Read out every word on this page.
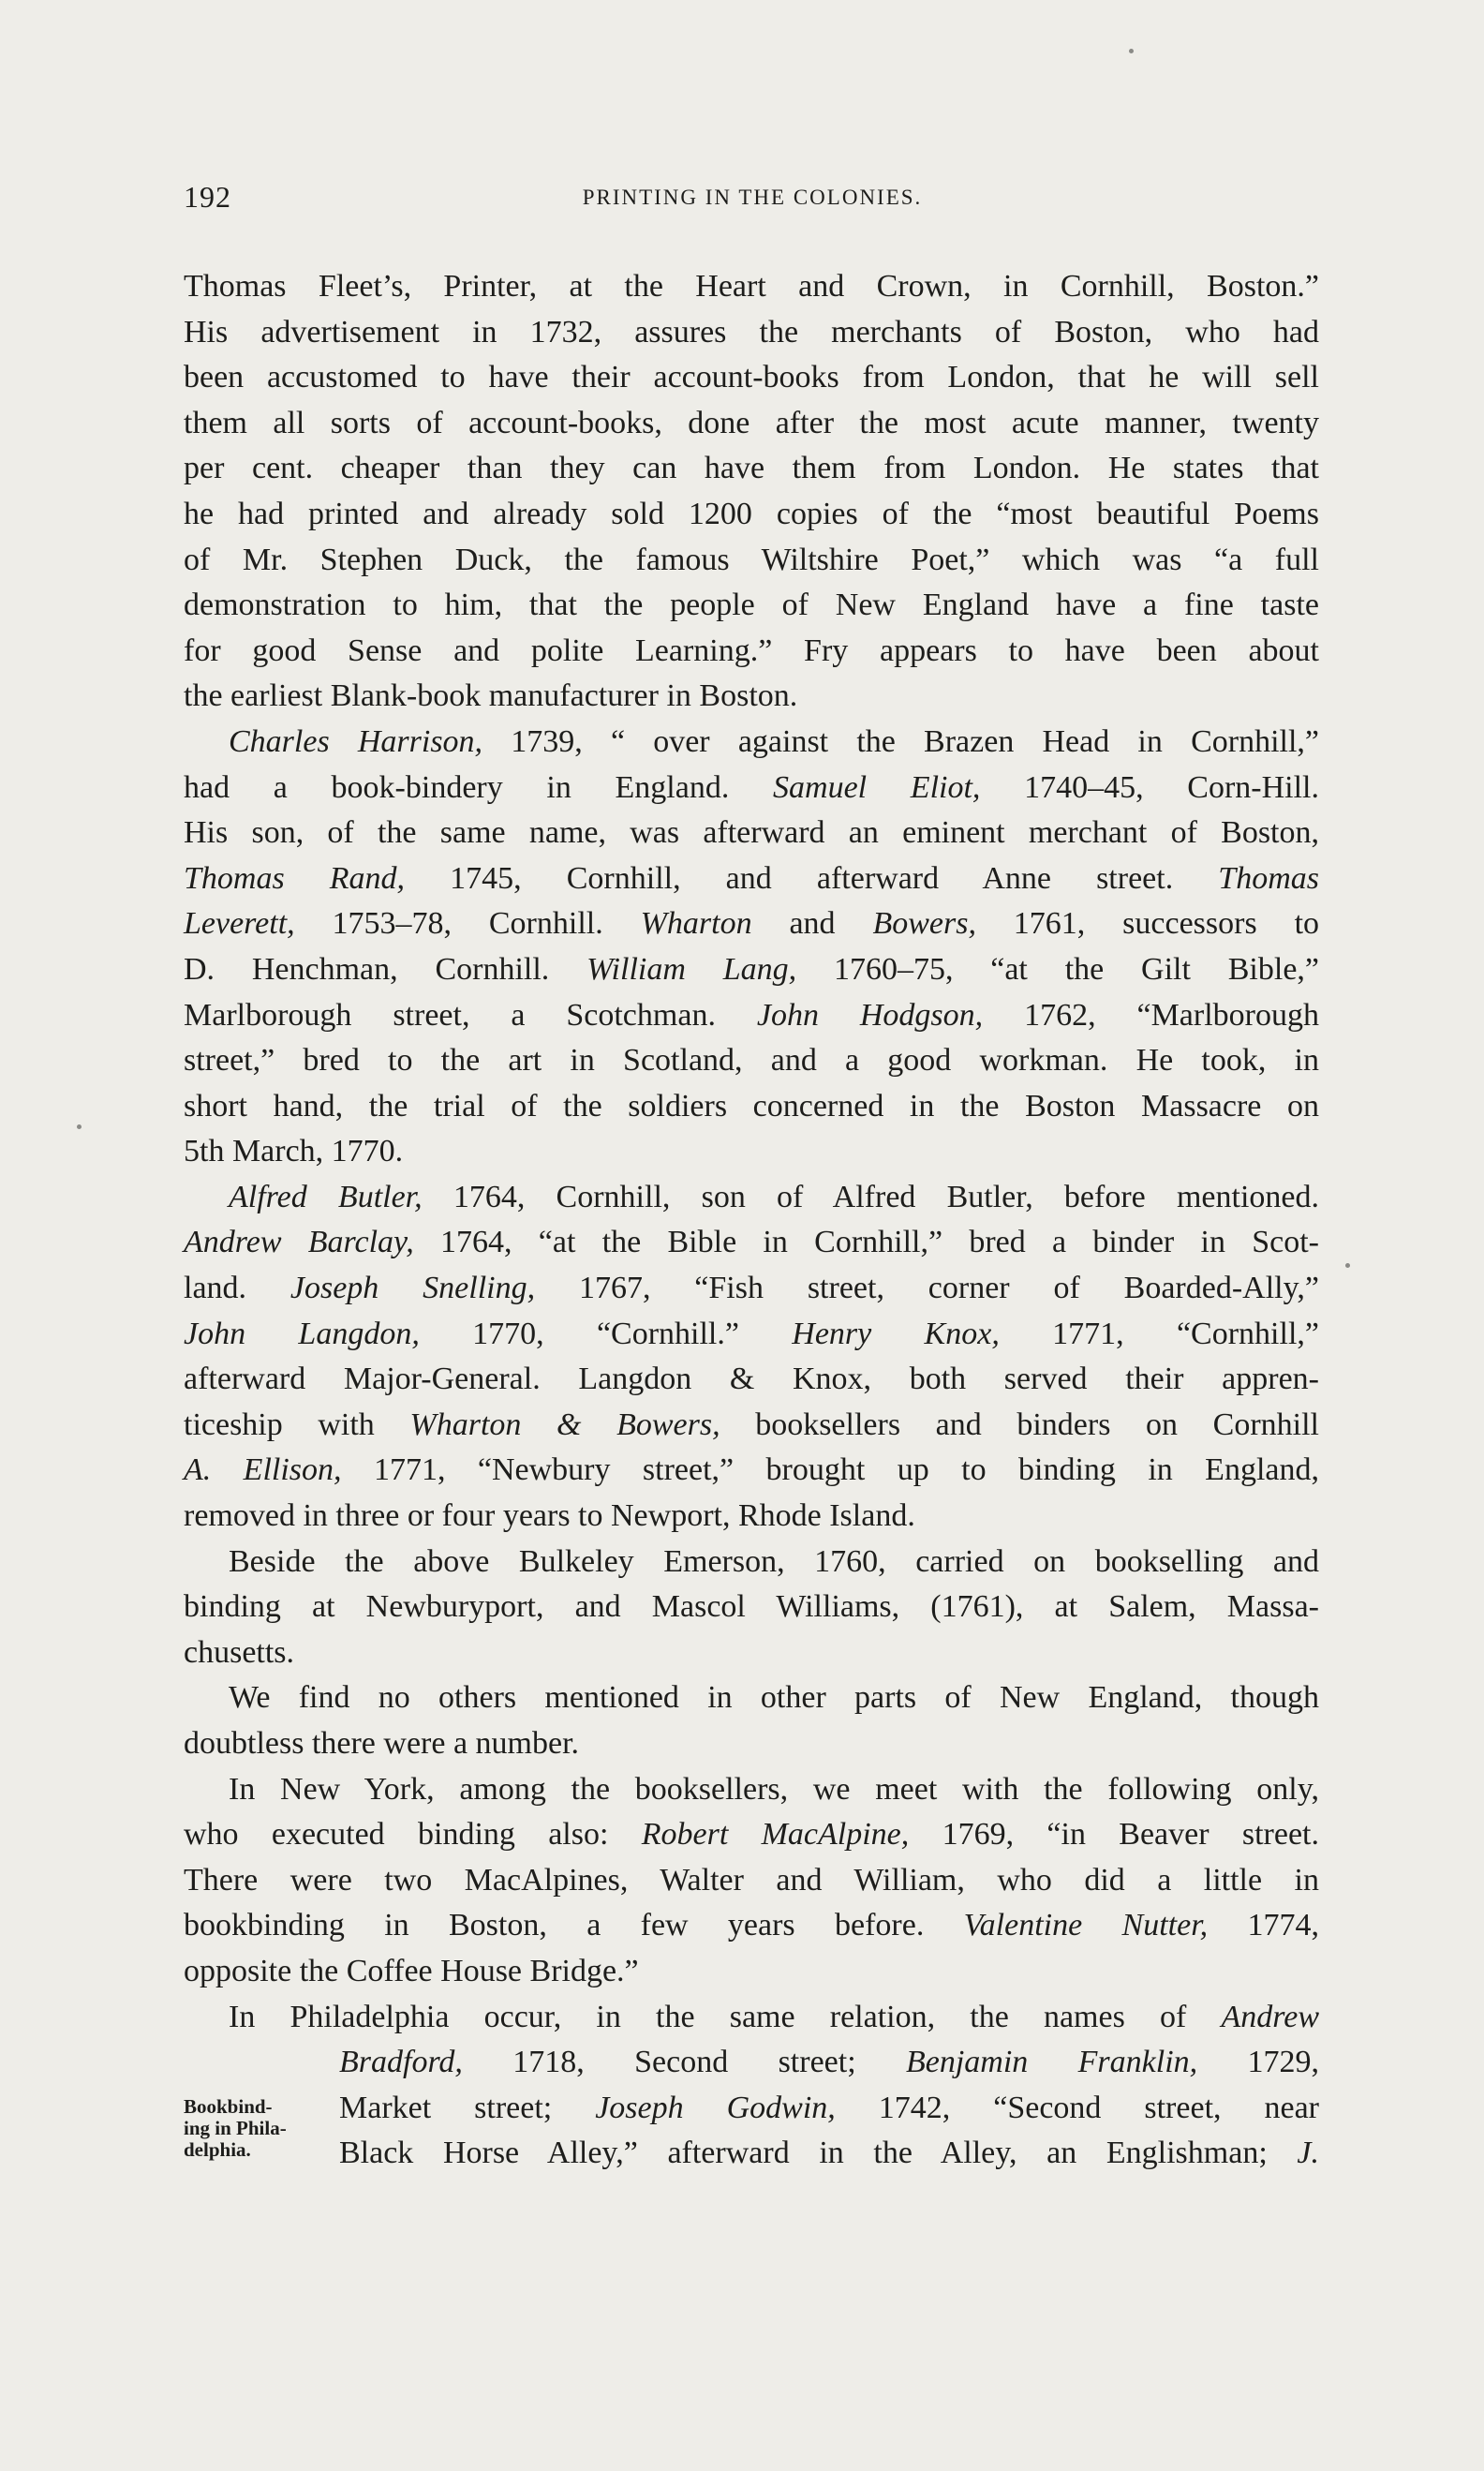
192	PRINTING IN THE COLONIES.
Thomas Fleet’s, Printer, at the Heart and Crown, in Cornhill, Boston.”
His advertisement in 1732, assures the merchants of Boston, who had
been accustomed to have their account-books from London, that he will sell
them all sorts of account-books, done after the most acute manner, twenty
per cent. cheaper than they can have them from London. He states that
he had printed and already sold 1200 copies of the “most beautiful Poems
of Mr. Stephen Duck, the famous Wiltshire Poet,” which was “a full
demonstration to him, that the people of New England have a fine taste
for good Sense and polite Learning.” Fry appears to have been about
the earliest Blank-book manufacturer in Boston.
Charles Harrison, 1739, “ over against the Brazen Head in Cornhill,”
had a book-bindery in England. Samuel Eliot, 1740–45, Corn-Hill.
His son, of the same name, was afterward an eminent merchant of Boston,
Thomas Rand, 1745, Cornhill, and afterward Anne street. Thomas
Leverett, 1753–78, Cornhill. Wharton and Bowers, 1761, successors to
D. Henchman, Cornhill. William Lang, 1760–75, “at the Gilt Bible,”
Marlborough street, a Scotchman. John Hodgson, 1762, “Marlborough
street,” bred to the art in Scotland, and a good workman. He took, in
short hand, the trial of the soldiers concerned in the Boston Massacre on
5th March, 1770.
Alfred Butler, 1764, Cornhill, son of Alfred Butler, before mentioned.
Andrew Barclay, 1764, “at the Bible in Cornhill,” bred a binder in Scot-
land. Joseph Snelling, 1767, “Fish street, corner of Boarded-Ally,”
John Langdon, 1770, “Cornhill.” Henry Knox, 1771, “Cornhill,”
afterward Major-General. Langdon & Knox, both served their appren-
ticeship with Wharton & Bowers, booksellers and binders on Cornhill
A. Ellison, 1771, “Newbury street,” brought up to binding in England,
removed in three or four years to Newport, Rhode Island.
Beside the above Bulkeley Emerson, 1760, carried on bookselling and
binding at Newburyport, and Mascol Williams, (1761), at Salem, Massa-
chusetts.
We find no others mentioned in other parts of New England, though
doubtless there were a number.
In New York, among the booksellers, we meet with the following only,
who executed binding also: Robert MacAlpine, 1769, “in Beaver street.
There were two MacAlpines, Walter and William, who did a little in
bookbinding in Boston, a few years before. Valentine Nutter, 1774,
opposite the Coffee House Bridge.”
In Philadelphia occur, in the same relation, the names of Andrew
Bradford, 1718, Second street; Benjamin Franklin, 1729,
Market street; Joseph Godwin, 1742, “Second street, near
Black Horse Alley,” afterward in the Alley, an Englishman; J.
Bookbind-
ing in Phila-
delphia.
